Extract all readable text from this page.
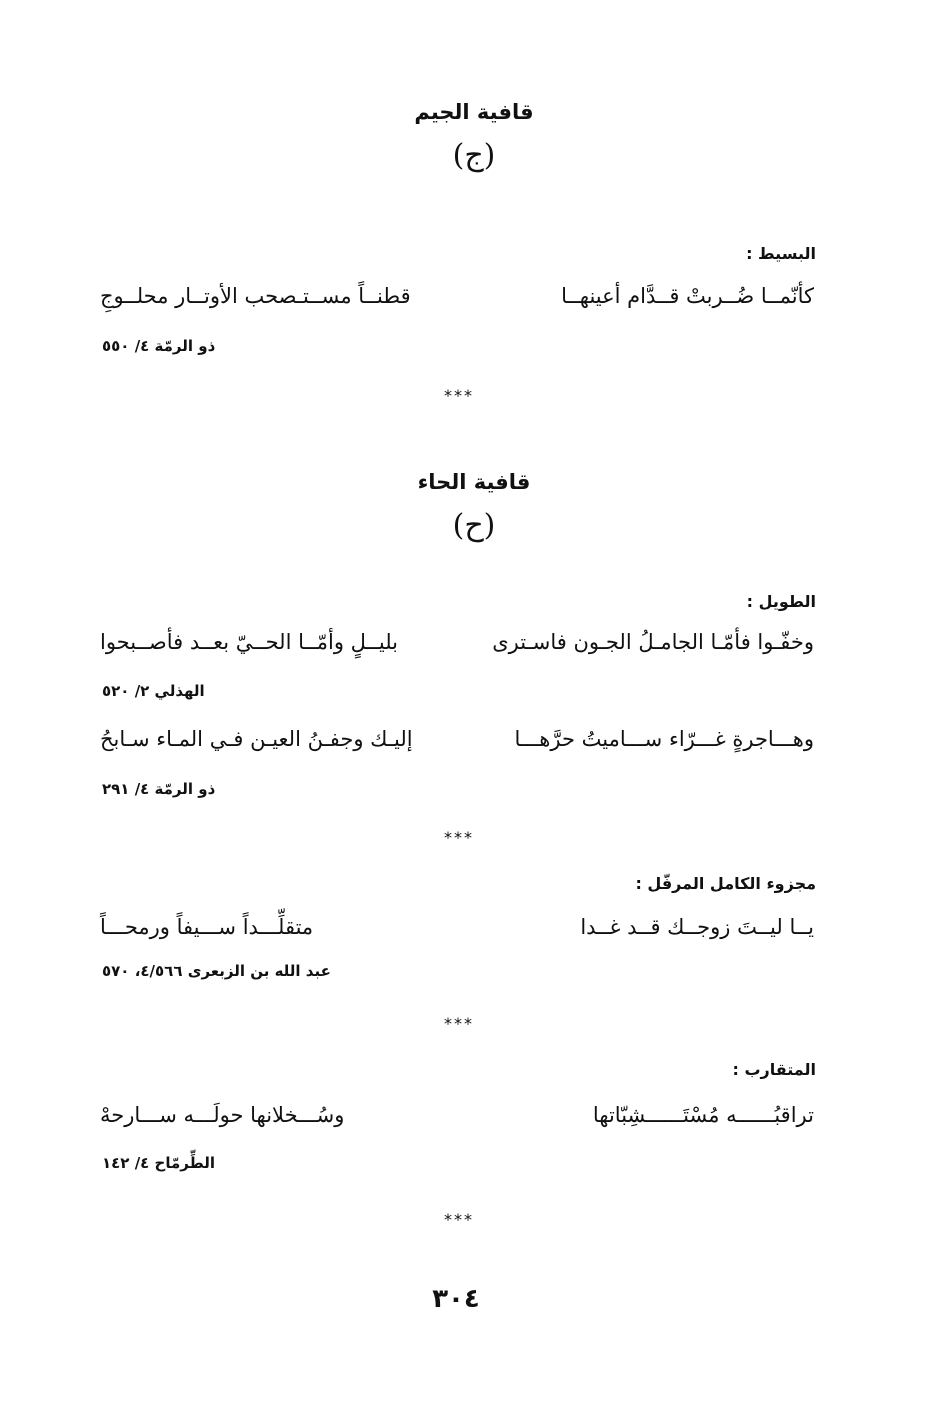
قافية الجيم
(ج)
البسيط :
كأنّمــا ضُــربتْ قــدَّام أعينهــا
قطنــاً مســتـصحب الأوتــار محلــوجِ
ذو الرمّة ٤/ ٥٥٠
***
قافية الحاء
(ح)
الطويل :
وخفّـوا فأمّـا الجامـلُ الجـون فاسـترى
بليــلٍ وأمّــا الحــيّ بعــد فأصــبحوا
الهذلي ٢/ ٥٢٠
وهـــاجرةٍ غـــرّاء ســـاميتُ حرَّهـــا
إليـك وجفـنُ العيـن فـي المـاء سـابحُ
ذو الرمّة ٤/ ٢٩١
***
مجزوء الكامل المرفّل :
يــا ليــتَ زوجــك قــد غــدا
متقلِّـــداً ســـيفاً ورمحـــاً
عبد الله بن الزبعرى ٤/٥٦٦، ٥٧٠
***
المتقارب :
تراقبُــــــه مُسْتَــــــشِبّاتها
وسُـــخلانها حولَـــه ســـارحهْ
الطِّرمّاح ٤/ ١٤٢
***
٣٠٤
